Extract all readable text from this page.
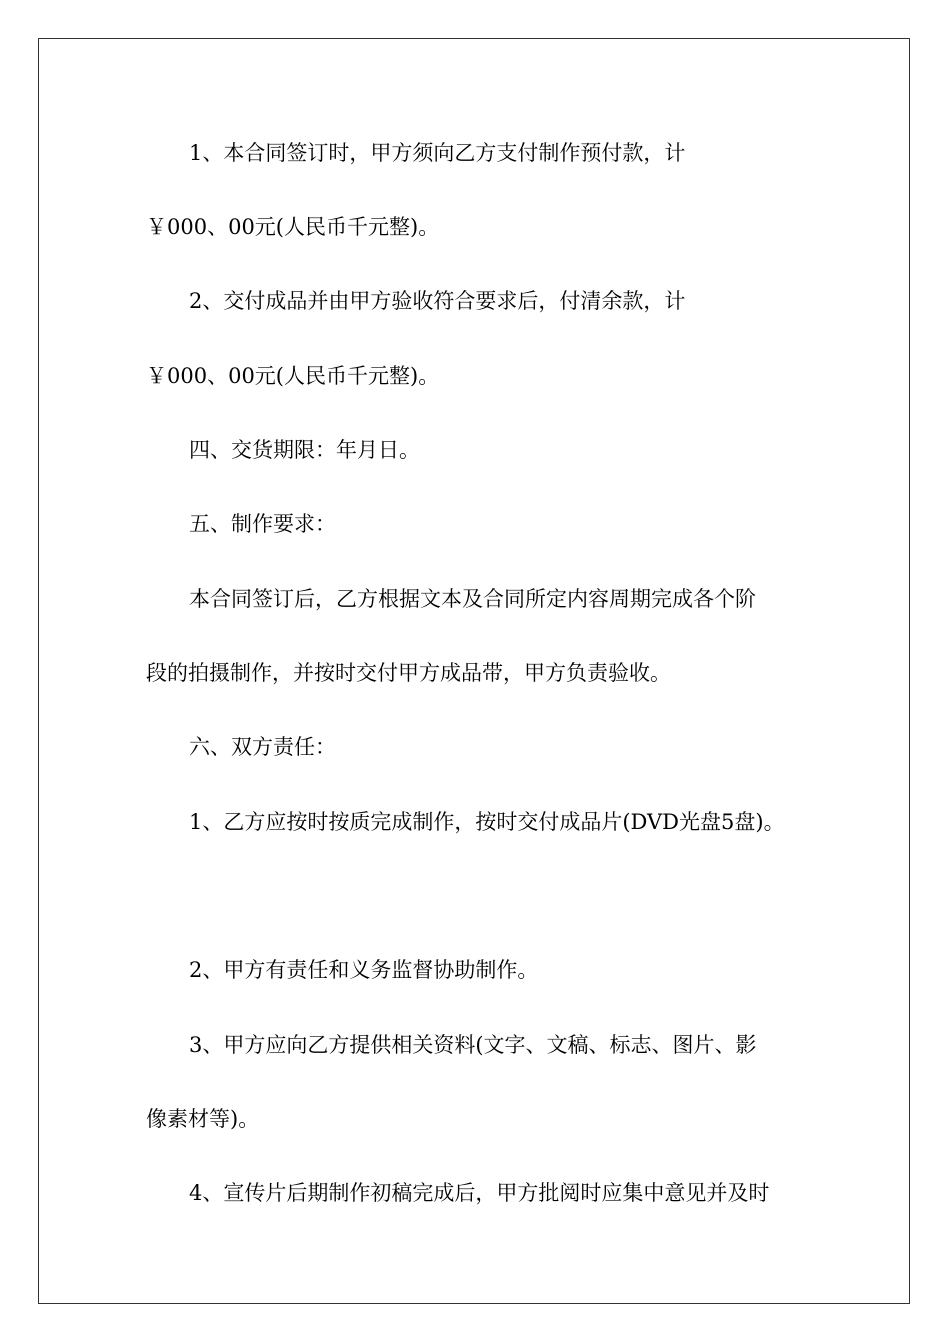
1、本合同签订时，甲方须向乙方支付制作预付款，计
￥000、00元(人民币千元整)。
2、交付成品并由甲方验收符合要求后，付清余款，计
￥000、00元(人民币千元整)。
四、交货期限：年月日。
五、制作要求：
本合同签订后，乙方根据文本及合同所定内容周期完成各个阶
段的拍摄制作，并按时交付甲方成品带，甲方负责验收。
六、双方责任：
1、乙方应按时按质完成制作，按时交付成品片(DVD光盘5盘)。
2、甲方有责任和义务监督协助制作。
3、甲方应向乙方提供相关资料(文字、文稿、标志、图片、影
像素材等)。
4、宣传片后期制作初稿完成后，甲方批阅时应集中意见并及时
